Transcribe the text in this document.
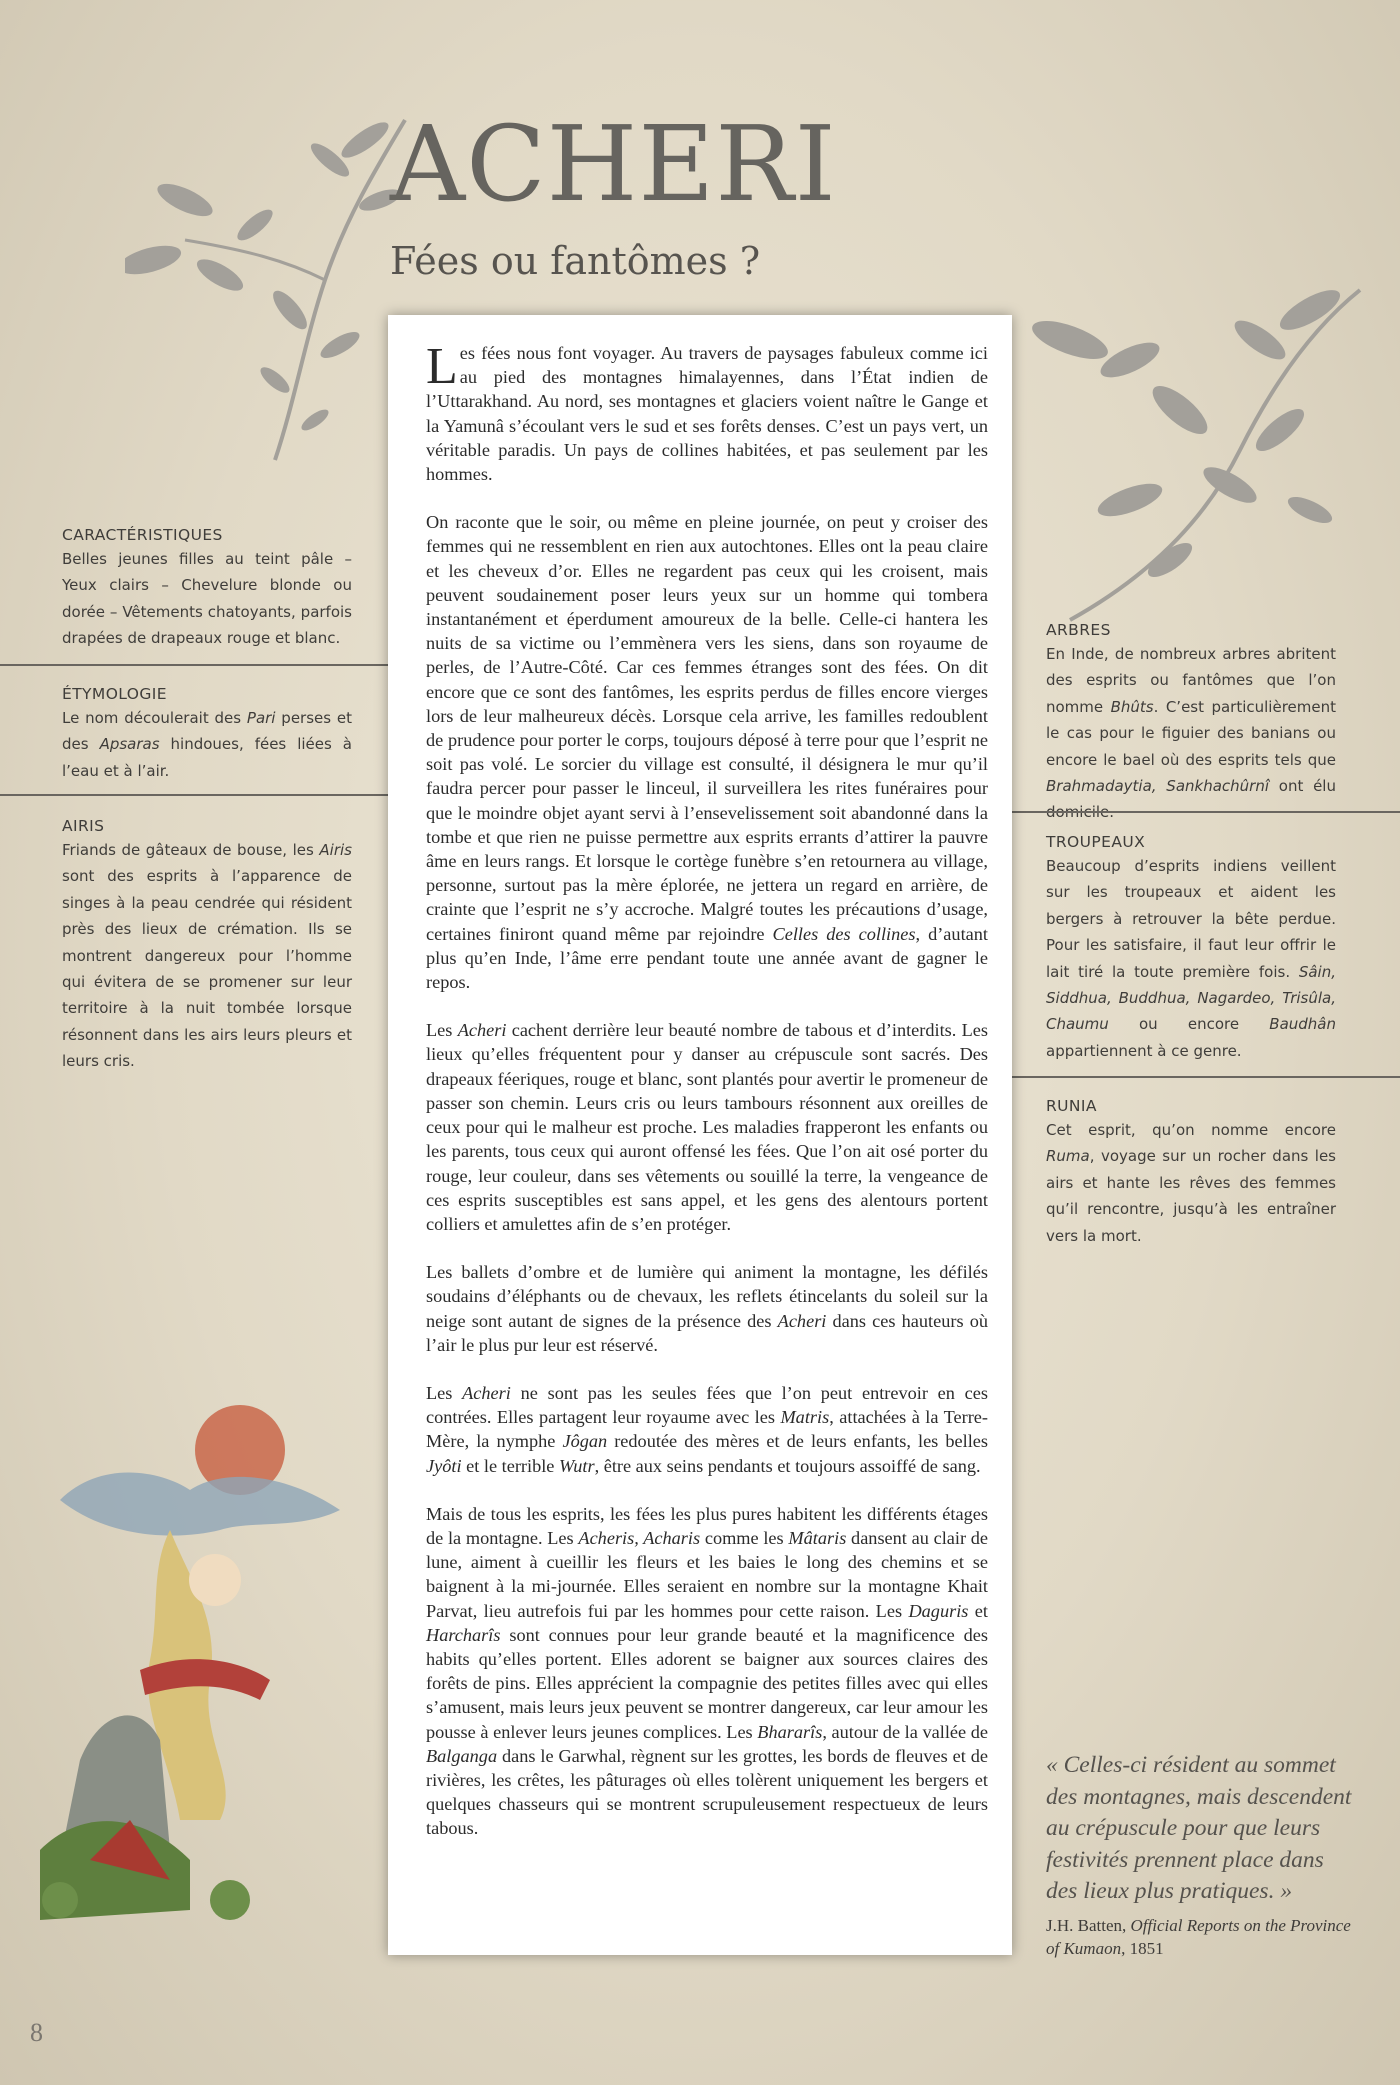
ACHERI
Fées ou fantômes ?
CARACTÉRISTIQUES

Belles jeunes filles au teint pâle – Yeux clairs – Chevelure blonde ou dorée – Vêtements chatoyants, parfois drapées de drapeaux rouge et blanc.

ÉTYMOLOGIE

Le nom découlerait des Pari perses et des Apsaras hindoues, fées liées à l’eau et à l’air.

AIRIS

Friands de gâteaux de bouse, les Airis sont des esprits à l’apparence de singes à la peau cendrée qui résident près des lieux de crémation. Ils se montrent dangereux pour l’homme qui évitera de se promener sur leur territoire à la nuit tombée lorsque résonnent dans les airs leurs pleurs et leurs cris.

ARBRES

En Inde, de nombreux arbres abritent des esprits ou fantômes que l’on nomme Bhûts. C’est particulièrement le cas pour le figuier des banians ou encore le bael où des esprits tels que Brahmadaytia, Sankhachûrnî ont élu

TROUPEAUX

Beaucoup d’esprits indiens veillent sur les troupeaux et aident les bergers à retrouver la bête perdue. Pour les satisfaire, il faut leur offrir le lait tiré la toute première fois. Sâin, Siddhua, Buddhua, Nagardeo, Trisûla, Chaumu ou encore Baudhân appartiennent à ce genre.

RUNIA

Cet esprit, qu’on nomme encore Ruma, voyage sur un rocher dans les airs et hante les rêves des femmes qu’il rencontre, jusqu’à les entraîner vers la mort.

Les fées nous font voyager. Au travers de paysages fabuleux comme ici au pied des montagnes himalayennes, dans l’État indien de l’Uttarakhand. Au nord, ses montagnes et glaciers voient naître le Gange et la Yamunâ s’écoulant vers le sud et ses forêts denses. C’est un pays vert, un véritable paradis. Un pays de collines habitées, et pas seulement par les hommes.

On raconte que le soir, ou même en pleine journée, on peut y croiser des femmes qui ne ressemblent en rien aux autochtones. Elles ont la peau claire et les cheveux d’or. Elles ne regardent pas ceux qui les croisent, mais peuvent soudainement poser leurs yeux sur un homme qui tombera instantanément et éperdument amoureux de la belle. Celle-ci hantera les nuits de sa victime ou l’emmènera vers les siens, dans son royaume de perles, de l’Autre-Côté. Car ces femmes étranges sont des fées. On dit encore que ce sont des fantômes, les esprits perdus de filles encore vierges lors de leur malheureux décès. Lorsque cela arrive, les familles redoublent de prudence pour porter le corps, toujours déposé à terre pour que l’esprit ne soit pas volé. Le sorcier du village est consulté, il désignera le mur qu’il faudra percer pour passer le linceul, il surveillera les rites funéraires pour que le moindre objet ayant servi à l’ensevelissement soit abandonné dans la tombe et que rien ne puisse permettre aux esprits errants d’attirer la pauvre âme en leurs rangs. Et lorsque le cortège funèbre s’en retournera au village, personne, surtout pas la mère éplorée, ne jettera un regard en arrière, de crainte que l’esprit ne s’y accroche. Malgré toutes les précautions d’usage, certaines finiront quand même par rejoindre Celles des collines, d’autant plus qu’en Inde, l’âme erre pendant toute une année avant de gagner le repos.

Les Acheri cachent derrière leur beauté nombre de tabous et d’interdits. Les lieux qu’elles fréquentent pour y danser au crépuscule sont sacrés. Des drapeaux féeriques, rouge et blanc, sont plantés pour avertir le promeneur de passer son chemin. Leurs cris ou leurs tambours résonnent aux oreilles de ceux pour qui le malheur est proche. Les maladies frapperont les enfants ou les parents, tous ceux qui auront offensé les fées. Que l’on ait osé porter du rouge, leur couleur, dans ses vêtements ou souillé la terre, la vengeance de ces esprits susceptibles est sans appel, et les gens des alentours portent colliers et amulettes afin de s’en protéger.

Les ballets d’ombre et de lumière qui animent la montagne, les défilés soudains d’éléphants ou de chevaux, les reflets étincelants du soleil sur la neige sont autant de signes de la présence des Acheri dans ces hauteurs où l’air le plus pur leur est réservé.

Les Acheri ne sont pas les seules fées que l’on peut entrevoir en ces contrées. Elles partagent leur royaume avec les Matris, attachées à la Terre-Mère, la nymphe Jôgan redoutée des mères et de leurs enfants, les belles Jyôti et le terrible Wutr, être aux seins pendants et toujours assoiffé de sang.

Mais de tous les esprits, les fées les plus pures habitent les différents étages de la montagne. Les Acheris, Acharis comme les Mâtaris dansent au clair de lune, aiment à cueillir les fleurs et les baies le long des chemins et se baignent à la mi-journée. Elles seraient en nombre sur la montagne Khait Parvat, lieu autrefois fui par les hommes pour cette raison. Les Daguris et Harcharîs sont connues pour leur grande beauté et la magnificence des habits qu’elles portent. Elles adorent se baigner aux sources claires des forêts de pins. Elles apprécient la compagnie des petites filles avec qui elles s’amusent, mais leurs jeux peuvent se montrer dangereux, car leur amour les pousse à enlever leurs jeunes complices. Les Bhararîs, autour de la vallée de Balganga dans le Garwhal, règnent sur les grottes, les bords de fleuves et de rivières, les crêtes, les pâturages où elles tolèrent uniquement les bergers et quelques chasseurs qui se montrent scrupuleusement respectueux de leurs tabous.

« Celles-ci résident au sommet des montagnes, mais descendent au crépuscule pour que leurs festivités prennent place dans des lieux plus pratiques. »
J.H. Batten, Official Reports on the Province of Kumaon, 1851
8
